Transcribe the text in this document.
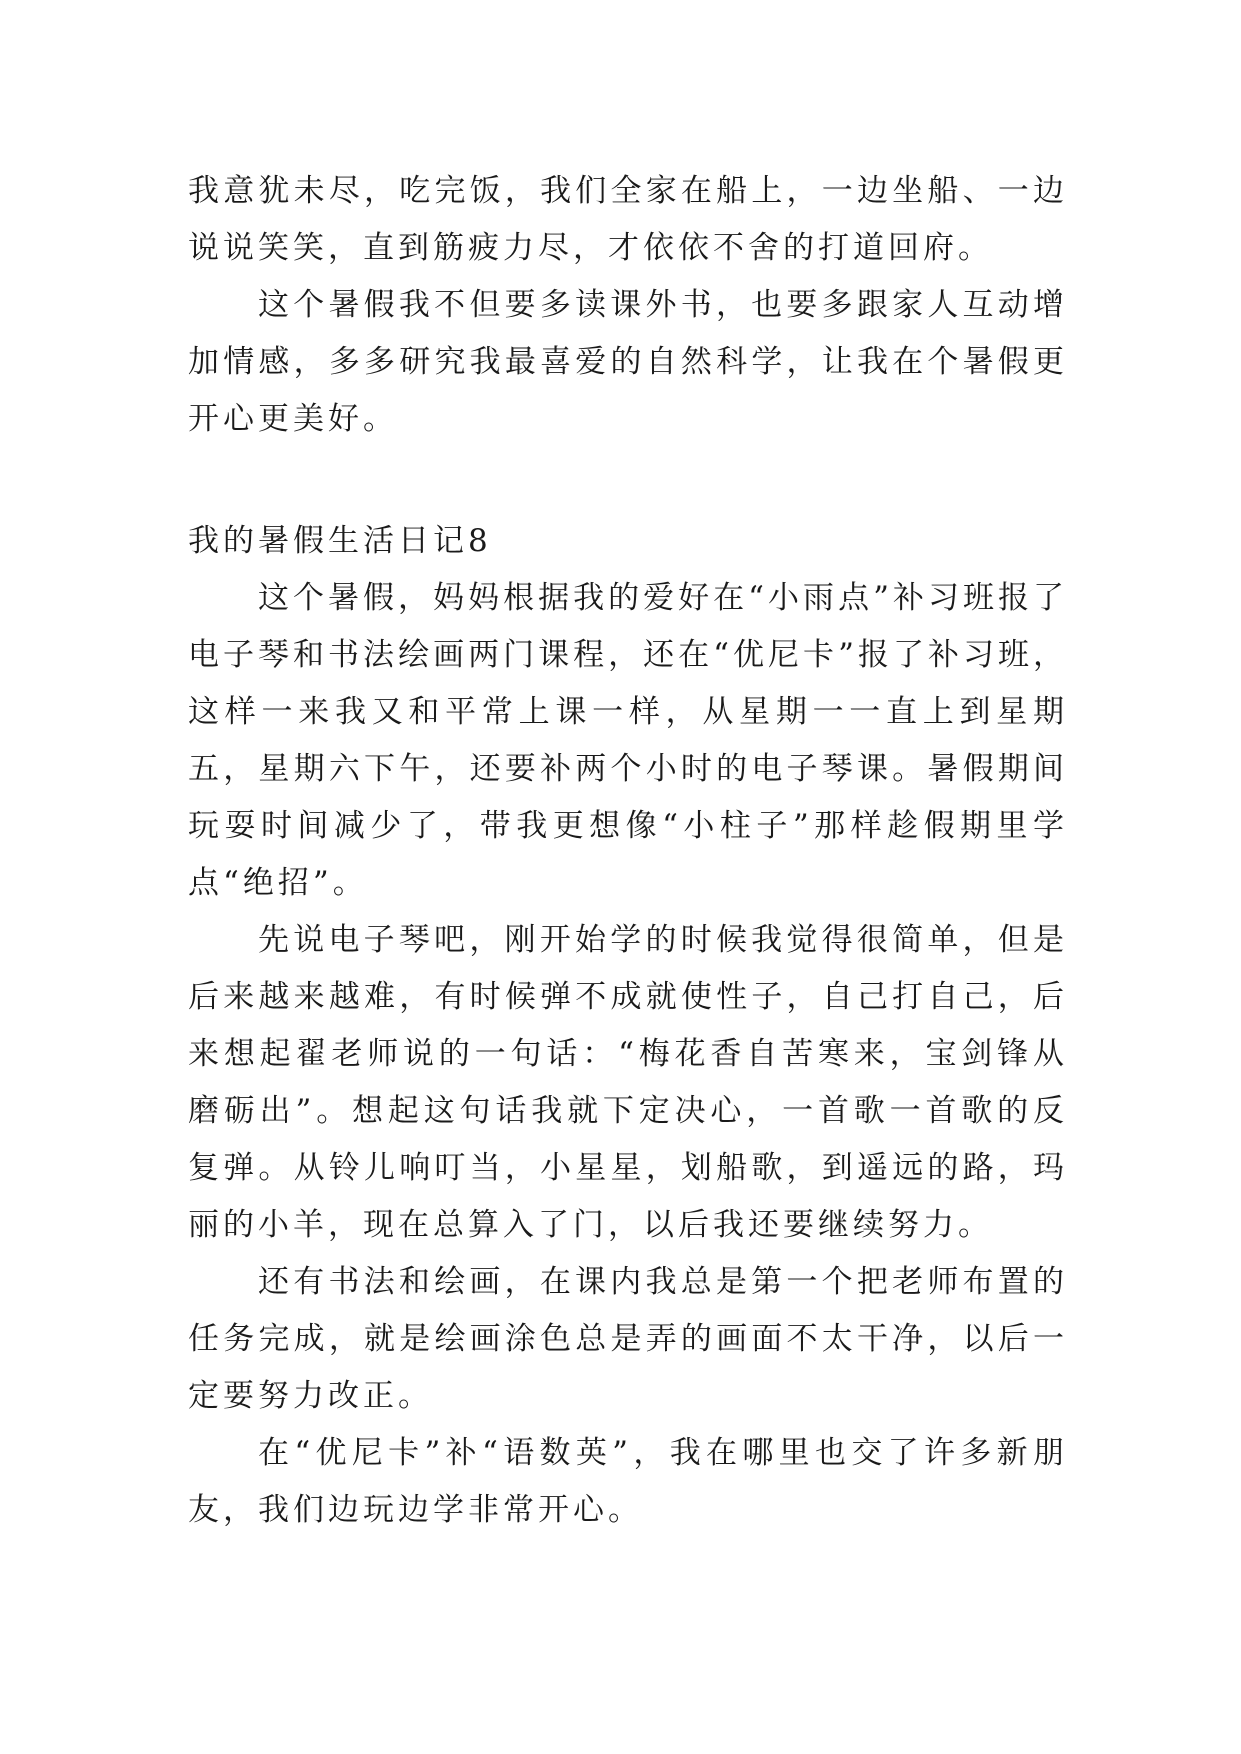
我意犹未尽，吃完饭，我们全家在船上，一边坐船、一边说说笑笑，直到筋疲力尽，才依依不舍的打道回府。

这个暑假我不但要多读课外书，也要多跟家人互动增加情感，多多研究我最喜爱的自然科学，让我在个暑假更开心更美好。

我的暑假生活日记8

这个暑假，妈妈根据我的爱好在“小雨点”补习班报了电子琴和书法绘画两门课程，还在“优尼卡”报了补习班，这样一来我又和平常上课一样，从星期一一直上到星期五，星期六下午，还要补两个小时的电子琴课。暑假期间玩耍时间减少了，带我更想像“小柱子”那样趁假期里学点“绝招”。

先说电子琴吧，刚开始学的时候我觉得很简单，但是后来越来越难，有时候弹不成就使性子，自己打自己，后来想起翟老师说的一句话：“梅花香自苦寒来，宝剑锋从磨砺出”。想起这句话我就下定决心，一首歌一首歌的反复弹。从铃儿响叮当，小星星，划船歌，到遥远的路，玛丽的小羊，现在总算入了门，以后我还要继续努力。

还有书法和绘画，在课内我总是第一个把老师布置的任务完成，就是绘画涂色总是弄的画面不太干净，以后一定要努力改正。

在“优尼卡”补“语数英”，我在哪里也交了许多新朋友，我们边玩边学非常开心。
